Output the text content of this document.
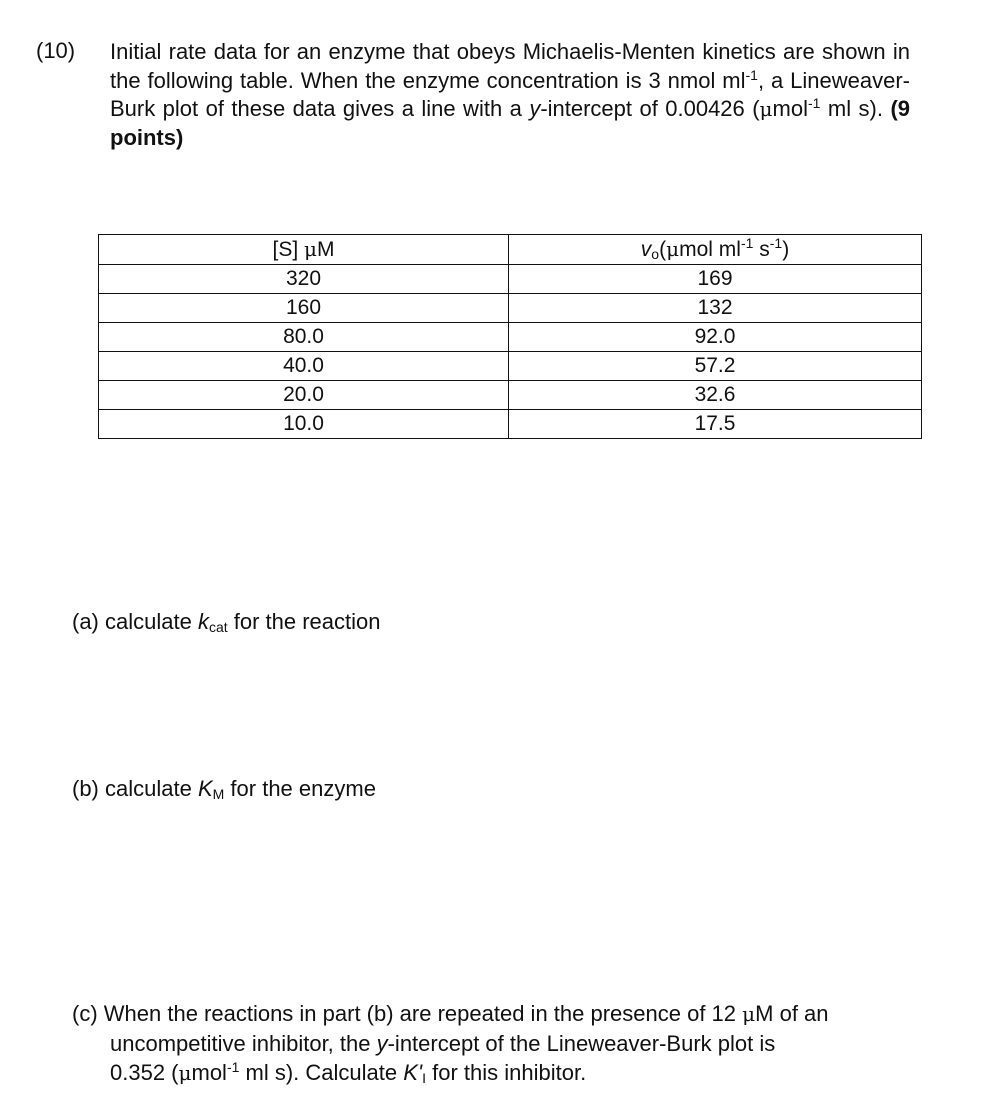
(10) Initial rate data for an enzyme that obeys Michaelis-Menten kinetics are shown in the following table. When the enzyme concentration is 3 nmol $ml^{-1}$, a Lineweaver-Burk plot of these data gives a line with a y-intercept of 0.00426 (μmol$^{-1}$ ml s). (9 points)
[S] μM	$v_o(\mu mol$ $ml^{-1}$ $s^{-1}$)
320	169
160	132
80.0	92.0
40.0	57.2
20.0	32.6
10.0	17.5
(a) calculate $k_{cat}$ for the reaction
(b) calculate $K_M$ for the enzyme
(c) When the reactions in part (b) are repeated in the presence of 12 μM of an
uncompetitive inhibitor, the y-intercept of the Lineweaver-Burk plot is
0.352 (μmol$^{-1}$ ml s). Calculate $K'_I$ for this inhibitor.
